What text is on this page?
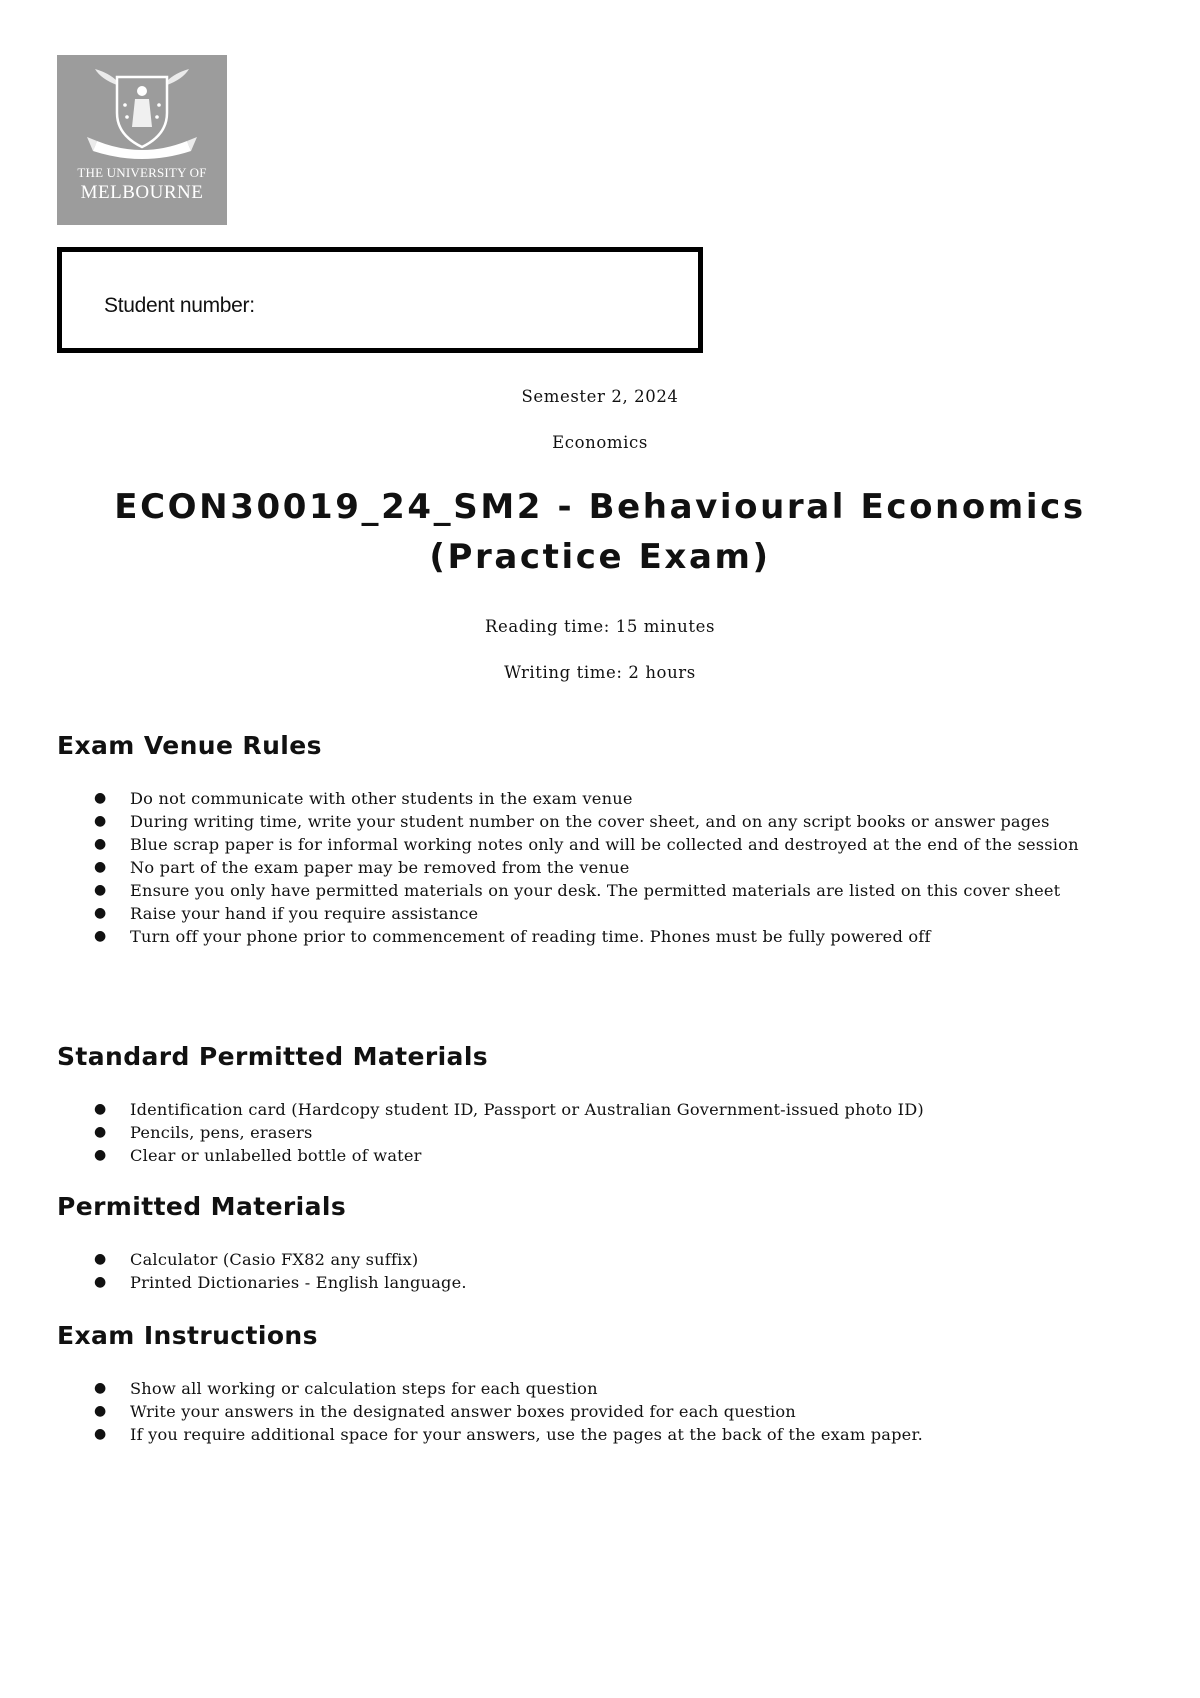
THE UNIVERSITY OF
MELBOURNE
Student number:
Semester 2, 2024
Economics
ECON30019_24_SM2 - Behavioural Economics
(Practice Exam)
Reading time: 15 minutes
Writing time: 2 hours
Exam Venue Rules
● Do not communicate with other students in the exam venue
● During writing time, write your student number on the cover sheet, and on any script books or answer pages
● Blue scrap paper is for informal working notes only and will be collected and destroyed at the end of the session
● No part of the exam paper may be removed from the venue
● Ensure you only have permitted materials on your desk. The permitted materials are listed on this cover sheet
● Raise your hand if you require assistance
● Turn off your phone prior to commencement of reading time. Phones must be fully powered off
Standard Permitted Materials
● Identification card (Hardcopy student ID, Passport or Australian Government-issued photo ID)
● Pencils, pens, erasers
● Clear or unlabelled bottle of water
Permitted Materials
● Calculator (Casio FX82 any suffix)
● Printed Dictionaries - English language.
Exam Instructions
● Show all working or calculation steps for each question
● Write your answers in the designated answer boxes provided for each question
● If you require additional space for your answers, use the pages at the back of the exam paper.
